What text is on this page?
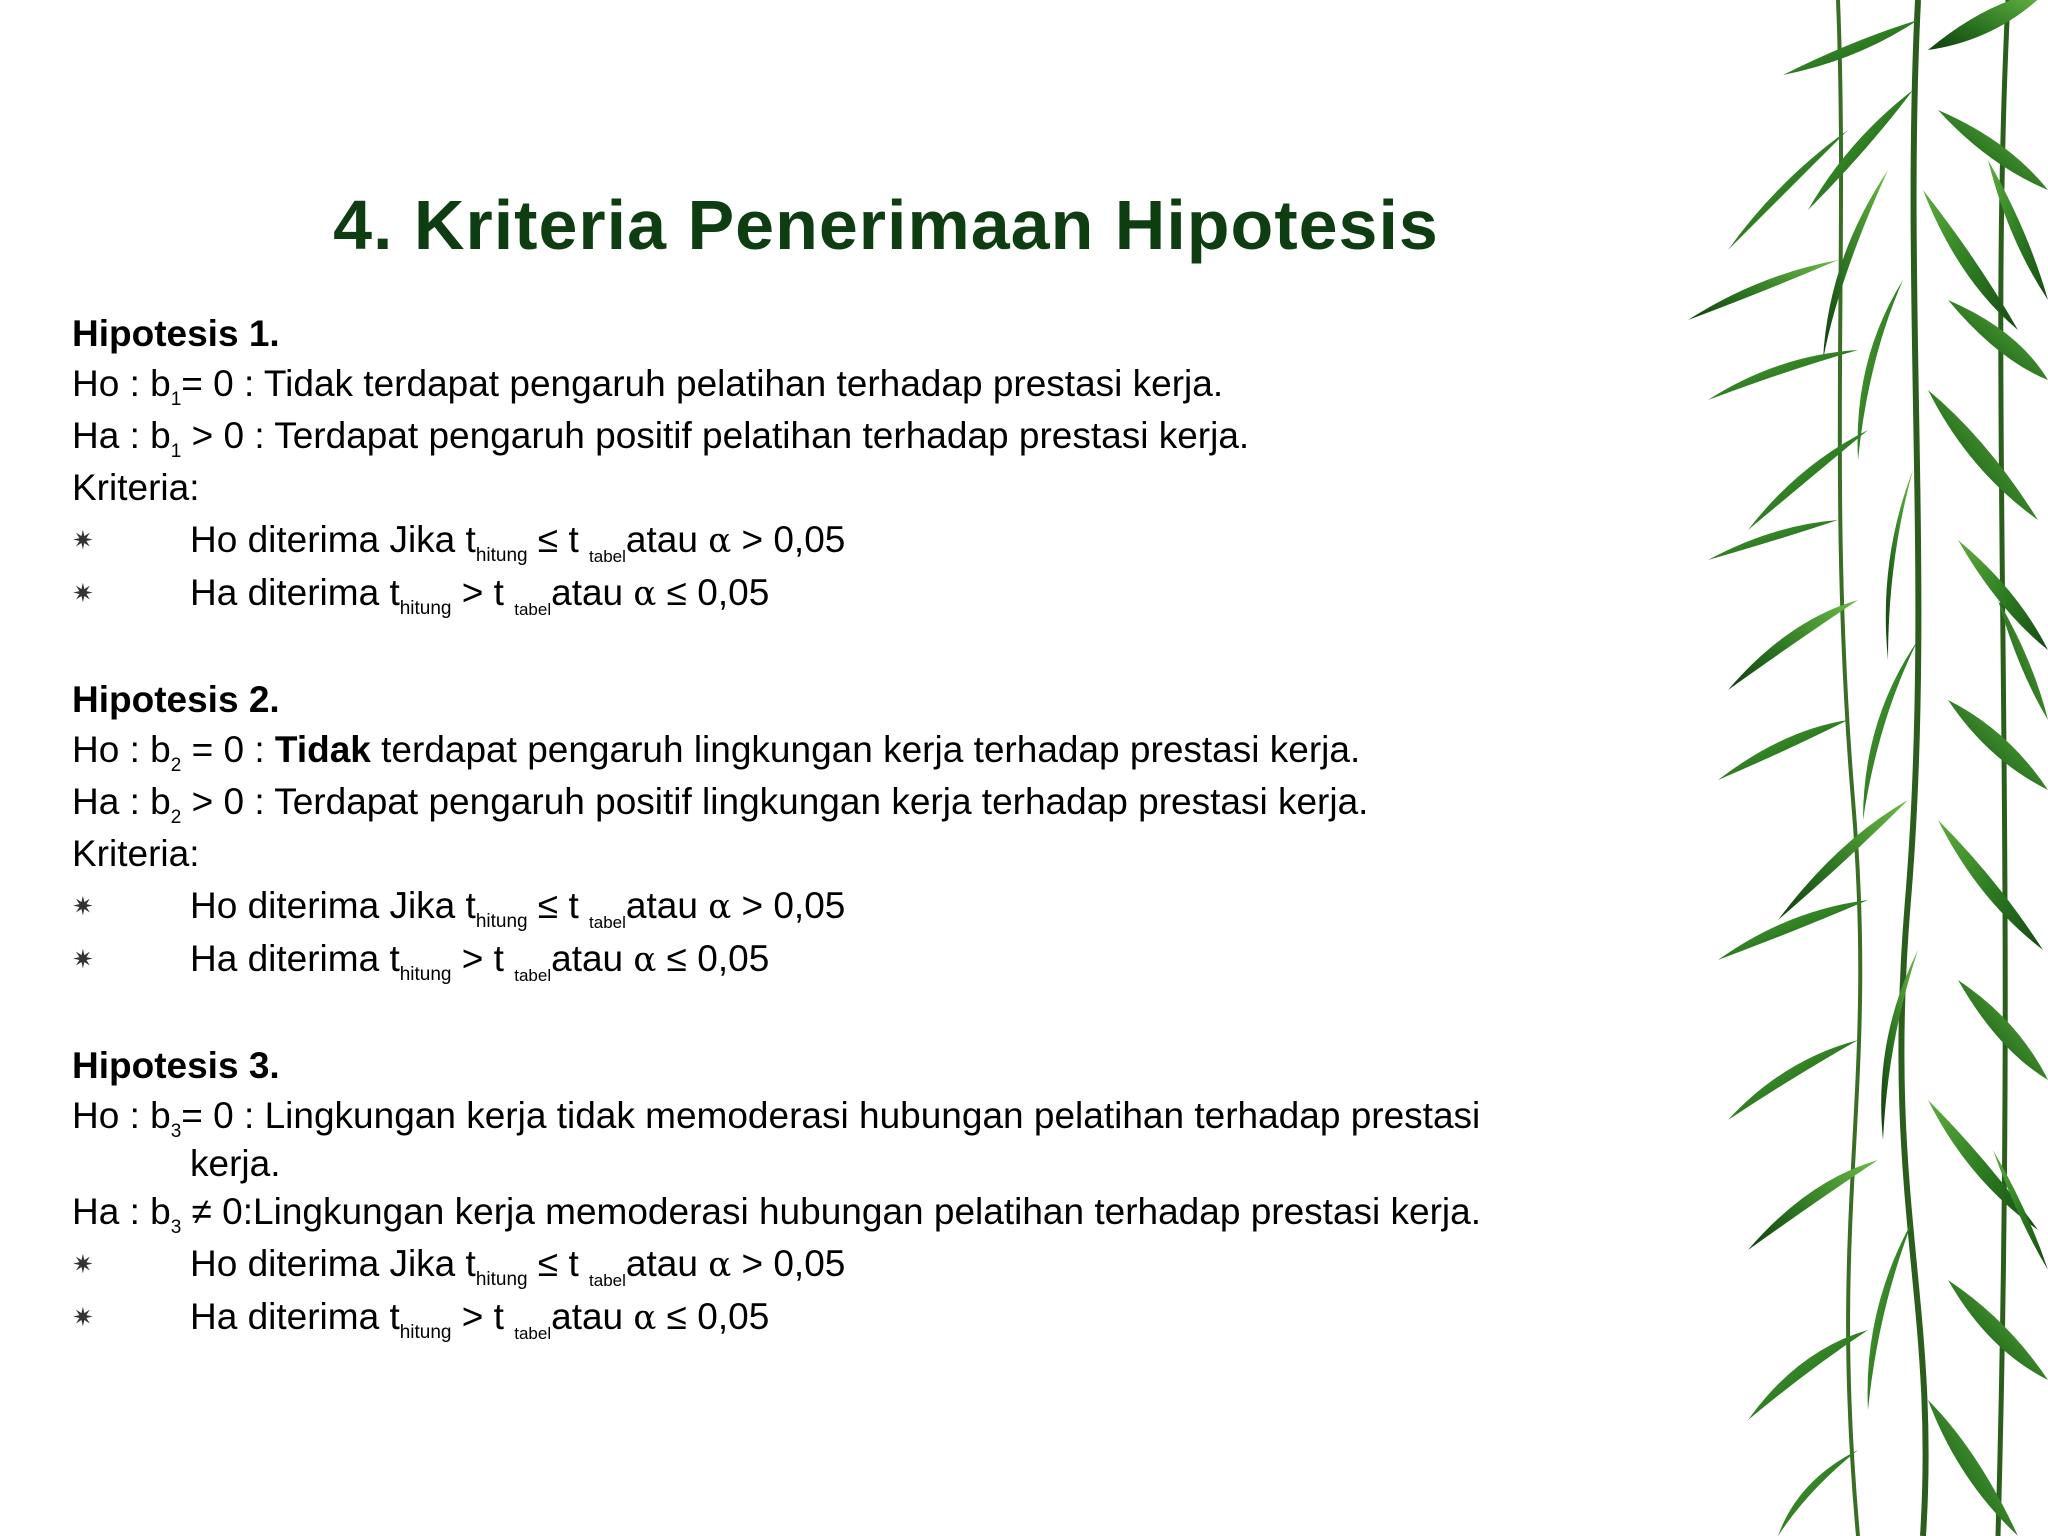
4. Kriteria Penerimaan Hipotesis
Hipotesis 1.
Ho : $b_1= 0$ : Tidak terdapat pengaruh pelatihan terhadap prestasi kerja.
Ha : $b_1 > 0$ : Terdapat pengaruh positif pelatihan terhadap prestasi kerja.
Kriteria:
✷	Ho diterima Jika $t_{hitung} \le t$ $_{tabel}$atau α > 0,05
✷	Ha diterima $t_{hitung} > t$ $_{tabel}$atau α ≤ 0,05
Hipotesis 2.
Ho : $b_2 = 0$ : Tidak terdapat pengaruh lingkungan kerja terhadap prestasi kerja.
Ha : $b_2 > 0$ : Terdapat pengaruh positif lingkungan kerja terhadap prestasi kerja.
Kriteria:
✷	Ho diterima Jika $t_{hitung} \le t$ $_{tabel}$atau α > 0,05
✷	Ha diterima $t_{hitung} > t$ $_{tabel}$atau α ≤ 0,05
Hipotesis 3.
Ho : $b_3= 0$ : Lingkungan kerja tidak memoderasi hubungan pelatihan terhadap prestasi
kerja.
Ha : $b_3$ ≠ 0:Lingkungan kerja memoderasi hubungan pelatihan terhadap prestasi kerja.
✷	Ho diterima Jika $t_{hitung} \le t$ $_{tabel}$atau α > 0,05
✷	Ha diterima $t_{hitung} > t$ $_{tabel}$atau α ≤ 0,05
